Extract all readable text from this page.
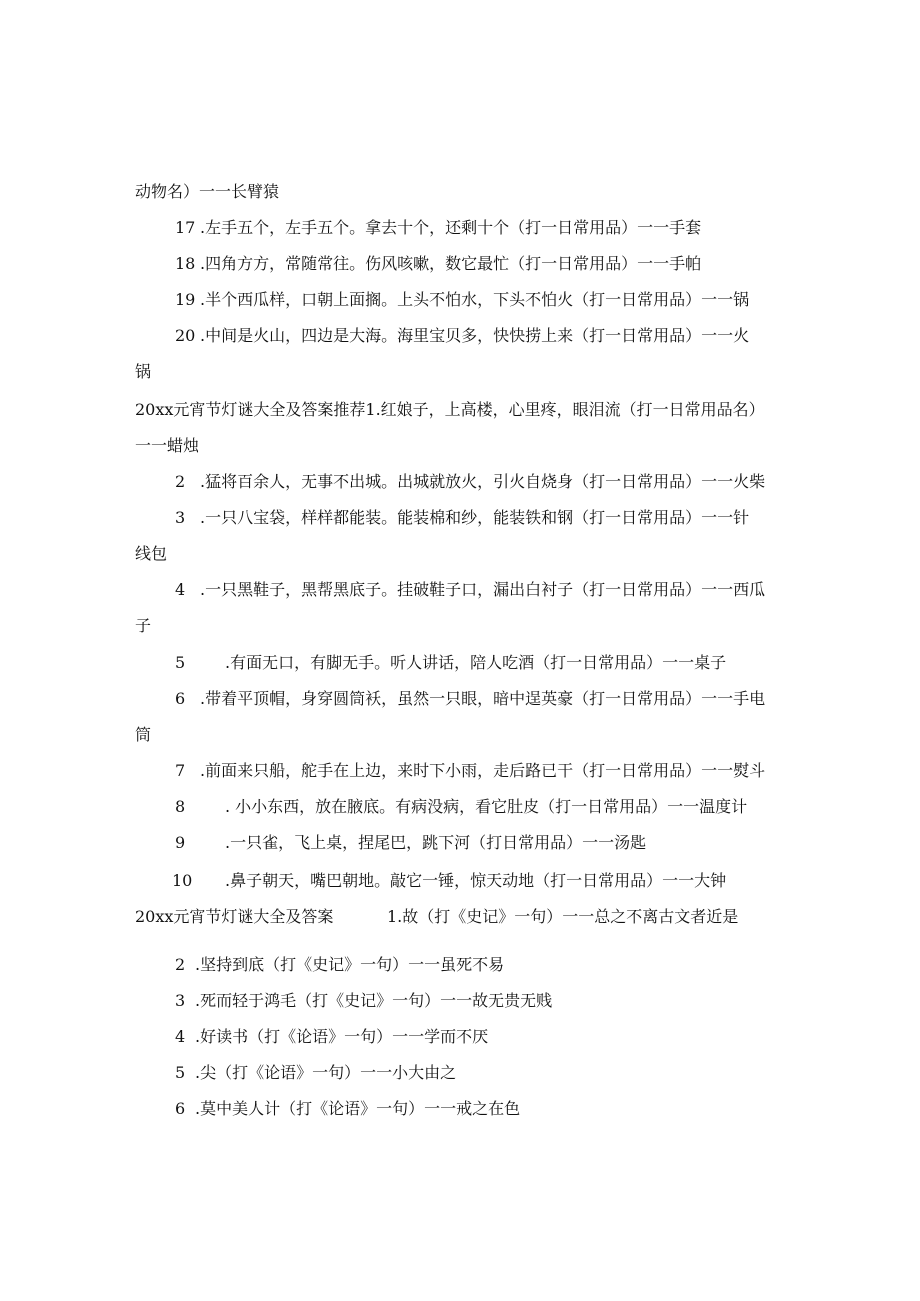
动物名）一一长臂猿
17 .左手五个，左手五个。拿去十个，还剩十个（打一日常用品）一一手套
18 .四角方方，常随常往。伤风咳嗽，数它最忙（打一日常用品）一一手帕
19 .半个西瓜样，口朝上面搁。上头不怕水，下头不怕火（打一日常用品）一一锅
20 .中间是火山，四边是大海。海里宝贝多，快快捞上来（打一日常用品）一一火
锅
20xx元宵节灯谜大全及答案推荐1.红娘子，上高楼，心里疼，眼泪流（打一日常用品名）
一一蜡烛
2 .猛将百余人，无事不出城。出城就放火，引火自烧身（打一日常用品）一一火柴
3 .一只八宝袋，样样都能装。能装棉和纱，能装铁和钢（打一日常用品）一一针
线包
4 .一只黑鞋子，黑帮黑底子。挂破鞋子口，漏出白衬子（打一日常用品）一一西瓜
子
5 .有面无口，有脚无手。听人讲话，陪人吃酒（打一日常用品）一一桌子
6 .带着平顶帽，身穿圆筒袄，虽然一只眼，暗中逞英豪（打一日常用品）一一手电
筒
7 .前面来只船，舵手在上边，来时下小雨，走后路已干（打一日常用品）一一熨斗
8 . 小小东西，放在腋底。有病没病，看它肚皮（打一日常用品）一一温度计
9 .一只雀，飞上桌，捏尾巴，跳下河（打日常用品）一一汤匙
10 .鼻子朝天，嘴巴朝地。敲它一锤，惊天动地（打一日常用品）一一大钟
20xx元宵节灯谜大全及答案	1.故（打《史记》一句）一一总之不离古文者近是
2 .坚持到底（打《史记》一句）一一虽死不易
3 .死而轻于鸿毛（打《史记》一句）一一故无贵无贱
4 .好读书（打《论语》一句）一一学而不厌
5 .尖（打《论语》一句）一一小大由之
6 .莫中美人计（打《论语》一句）一一戒之在色
